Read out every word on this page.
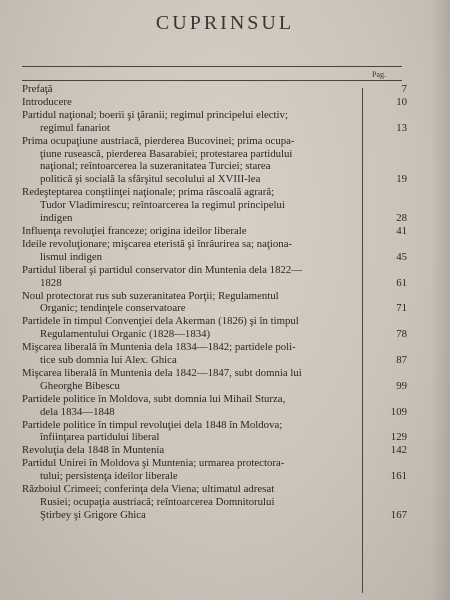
CUPRINSUL
Pag.
Prefaţă	7
Introducere	10
Partidul naţional; boerii şi ţăranii; regimul principelui electiv;
regimul fanariot	13
Prima ocupaţiune austriacă, pierderea Bucovinei; prima ocupa-
ţiune rusească, pierderea Basarabiei; protestarea partidului
naţional; reîntoarcerea la suzeranitatea Turciei; starea
politică şi socială la sfârşitul secolului al XVIII-lea	19
Redeşteptarea conştiinţei naţionale; prima răscoală agrară;
Tudor Vladimirescu; reîntoarcerea la regimul principelui
indigen	28
Influenţa revoluţiei franceze; origina ideilor liberale	41
Ideile revoluţionare; mişcarea eteristă şi înrâurirea sa; naţiona-
lismul indigen	45
Partidul liberal şi partidul conservator din Muntenia dela 1822—
1828	61
Noul protectorat rus sub suzeranitatea Porţii; Regulamentul
Organic; tendinţele conservatoare	71
Partidele în timpul Convenţiei dela Akerman (1826) şi în timpul
Regulamentului Organic (1828—1834)	78
Mişcarea liberală în Muntenia dela 1834—1842; partidele poli-
tice sub domnia lui Alex. Ghica	87
Mişcarea liberală în Muntenia dela 1842—1847, subt domnia lui
Gheorghe Bibescu	99
Partidele politice în Moldova, subt domnia lui Mihail Sturza,
dela 1834—1848	109
Partidele politice în timpul revoluţiei dela 1848 în Moldova;
înfiinţarea partidului liberal	129
Revoluţia dela 1848 în Muntenia	142
Partidul Unirei în Moldova şi Muntenia; urmarea protectora-
tului; persistenţa ideilor liberale	161
Războiul Crimeei; conferinţa dela Viena; ultimatul adresat
Rusiei; ocupaţia austriacă; reîntoarcerea Domnitorului
Ştirbey şi Grigore Ghica	167
